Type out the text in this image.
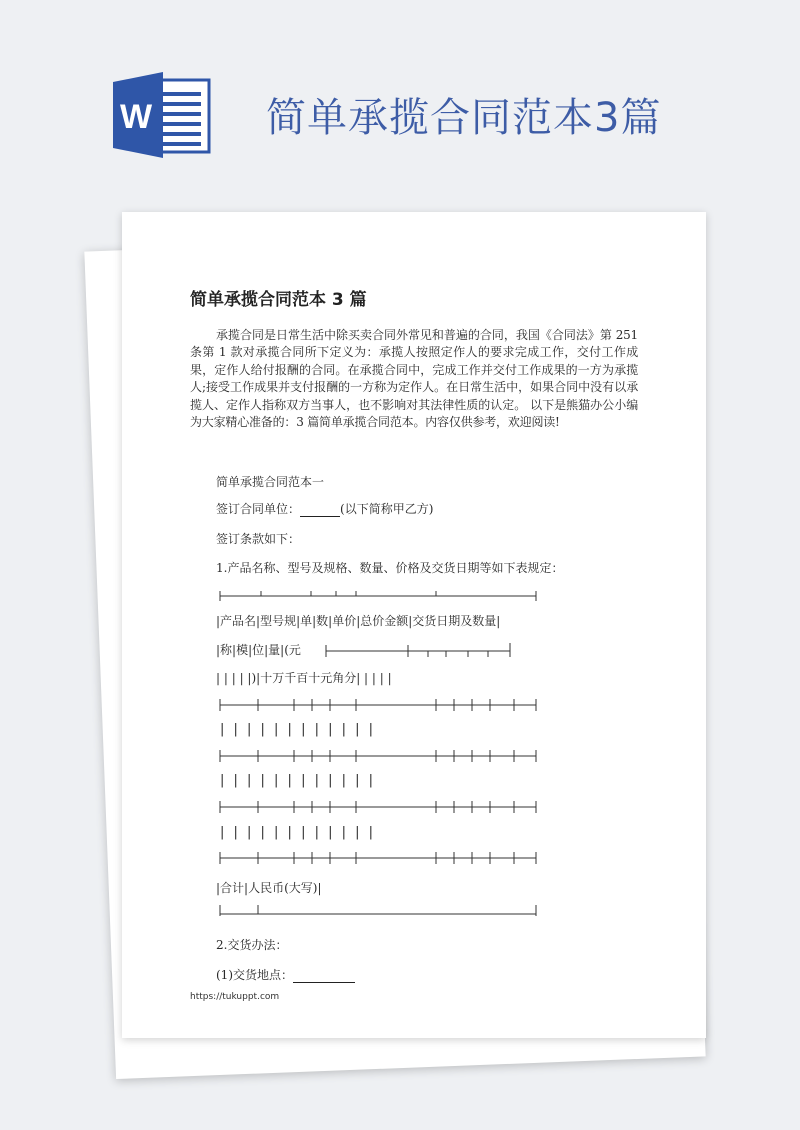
W	简单承揽合同范本3篇
简单承揽合同范本 3 篇
承揽合同是日常生活中除买卖合同外常见和普遍的合同，我国《合同法》第 251 条第 1 款对承揽合同所下定义为：承揽人按照定作人的要求完成工作，交付工作成果，定作人给付报酬的合同。在承揽合同中，完成工作并交付工作成果的一方为承揽人;接受工作成果并支付报酬的一方称为定作人。在日常生活中，如果合同中没有以承揽人、定作人指称双方当事人，也不影响对其法律性质的认定。 以下是熊猫办公小编为大家精心准备的：3 篇简单承揽合同范本。内容仅供参考，欢迎阅读!
简单承揽合同范本一
签订合同单位：	(以下简称甲乙方)
签订条款如下：
1.产品名称、型号及规格、数量、价格及交货日期等如下表规定：
|产品名|型号规|单|数|单价|总价金额|交货日期及数量|
|称|模|位|量|(元
| | | | |)|十万千百十元角分| | | | |
| | | | | | | | | | | |
| | | | | | | | | | | |
| | | | | | | | | | | |
|合计|人民币(大写)|
2.交货办法：
(1)交货地点：
https://tukuppt.com
